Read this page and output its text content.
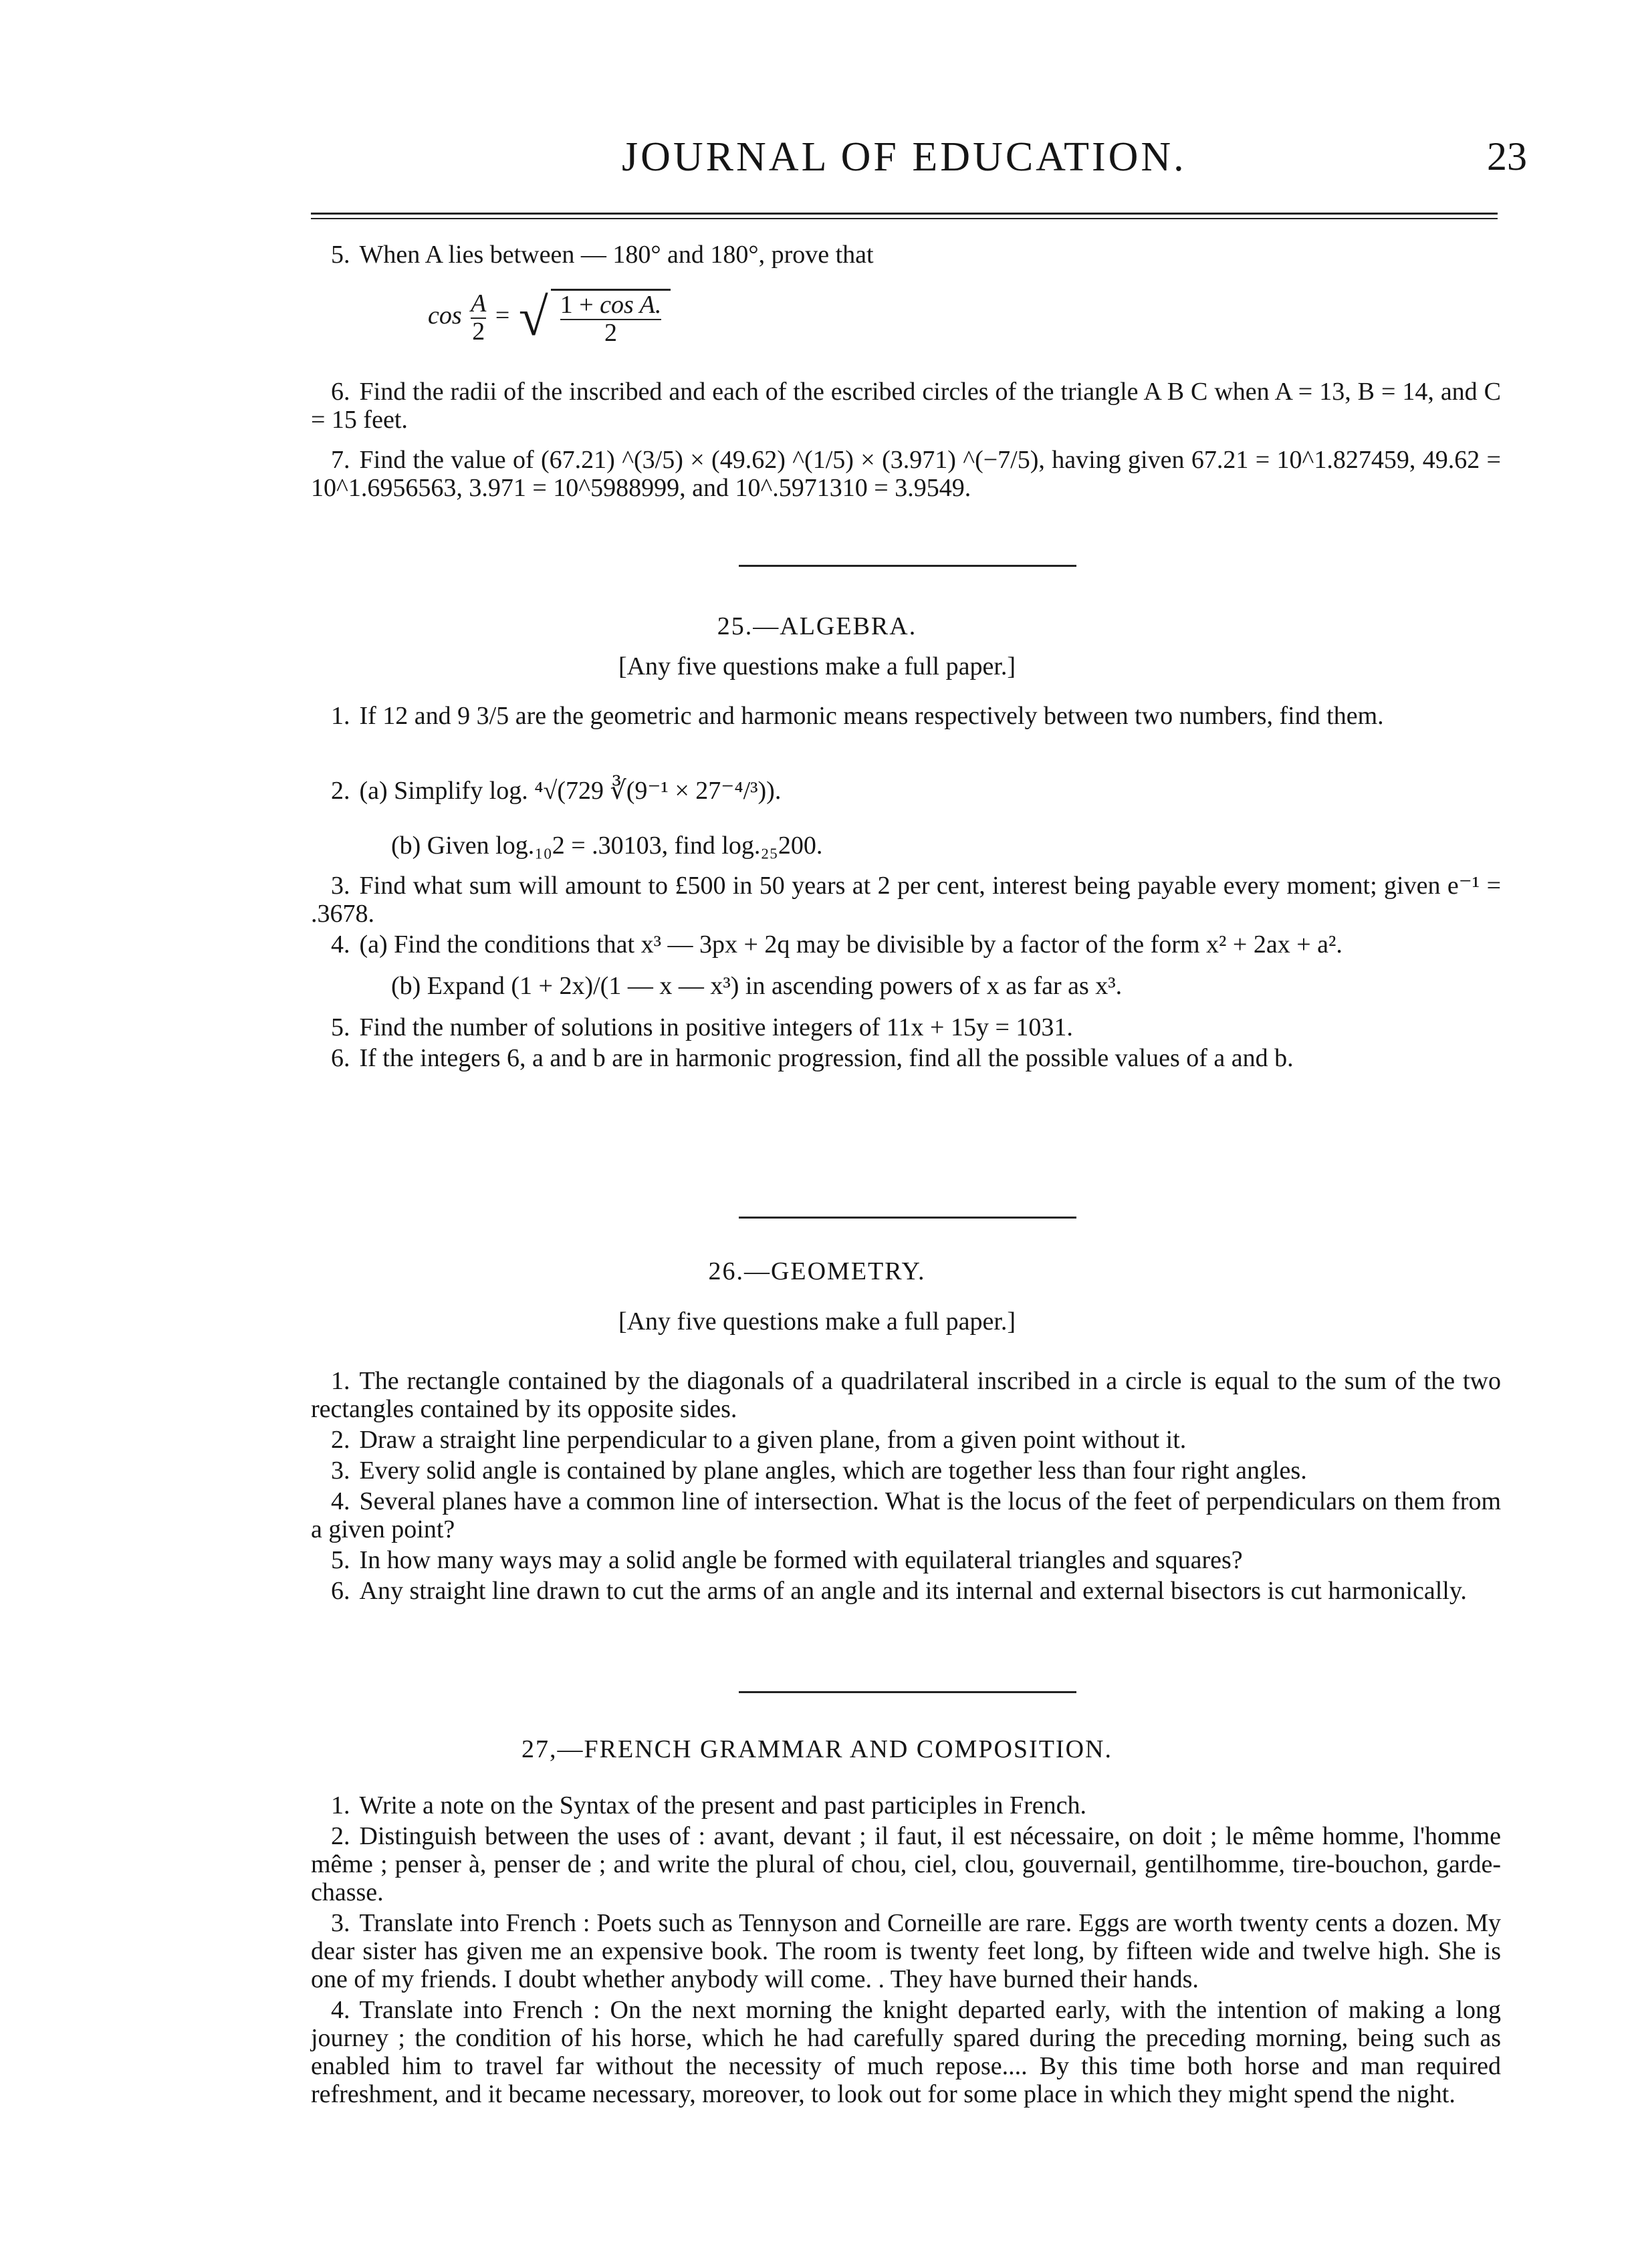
JOURNAL OF EDUCATION.	23

5. When A lies between — 180° and 180°, prove that

$\cos \frac{A}{2}$ = √ $\frac{\text{1 + cos A.}}{2}$

6. Find the radii of the inscribed and each of the escribed circles of the triangle A B C when A = 13, B = 14, and C = 15 feet.

7. Find the value of (67.21) ^(3/5) × (49.62) ^(1/5) × (3.971) ^(−7/5), having given 67.21 = 10^1.827459, 49.62 = 10^1.6956563, 3.971 = 10^5988999, and 10^.5971310 = 3.9549.

25.—ALGEBRA.
[Any five questions make a full paper.]

1. If 12 and 9 3/5 are the geometric and harmonic means respectively between two numbers, find them.

2. (a) Simplify log. ⁴√(729 ∛(9⁻¹ × 27⁻⁴/³)).

(b) Given log.₁₀2 = .30103, find log.₂₅200.

3. Find what sum will amount to £500 in 50 years at 2 per cent, interest being payable every moment; given e⁻¹ = .3678.

4. (a) Find the conditions that x³ — 3px + 2q may be divisible by a factor of the form x² + 2ax + a².

(b) Expand (1 + 2x)/(1 — x — x³) in ascending powers of x as far as x³.

5. Find the number of solutions in positive integers of 11x + 15y = 1031.

6. If the integers 6, a and b are in harmonic progression, find all the possible values of a and b.

26.—GEOMETRY.
[Any five questions make a full paper.]

1. The rectangle contained by the diagonals of a quadrilateral inscribed in a circle is equal to the sum of the two rectangles contained by its opposite sides.

2. Draw a straight line perpendicular to a given plane, from a given point without it.

3. Every solid angle is contained by plane angles, which are together less than four right angles.

4. Several planes have a common line of intersection. What is the locus of the feet of perpendiculars on them from a given point?

5. In how many ways may a solid angle be formed with equilateral triangles and squares?

6. Any straight line drawn to cut the arms of an angle and its internal and external bisectors is cut harmonically.

27,—FRENCH GRAMMAR AND COMPOSITION.

1. Write a note on the Syntax of the present and past participles in French.

2. Distinguish between the uses of : avant, devant ; il faut, il est nécessaire, on doit ; le même homme, l'homme même ; penser à, penser de ; and write the plural of chou, ciel, clou, gouvernail, gentilhomme, tire-bouchon, garde-chasse.

3. Translate into French : Poets such as Tennyson and Corneille are rare. Eggs are worth twenty cents a dozen. My dear sister has given me an expensive book. The room is twenty feet long, by fifteen wide and twelve high. She is one of my friends. I doubt whether anybody will come. . They have burned their hands.

4. Translate into French : On the next morning the knight departed early, with the intention of making a long journey ; the condition of his horse, which he had carefully spared during the preceding morning, being such as enabled him to travel far without the necessity of much repose.... By this time both horse and man required refreshment, and it became necessary, moreover, to look out for some place in which they might spend the night.
